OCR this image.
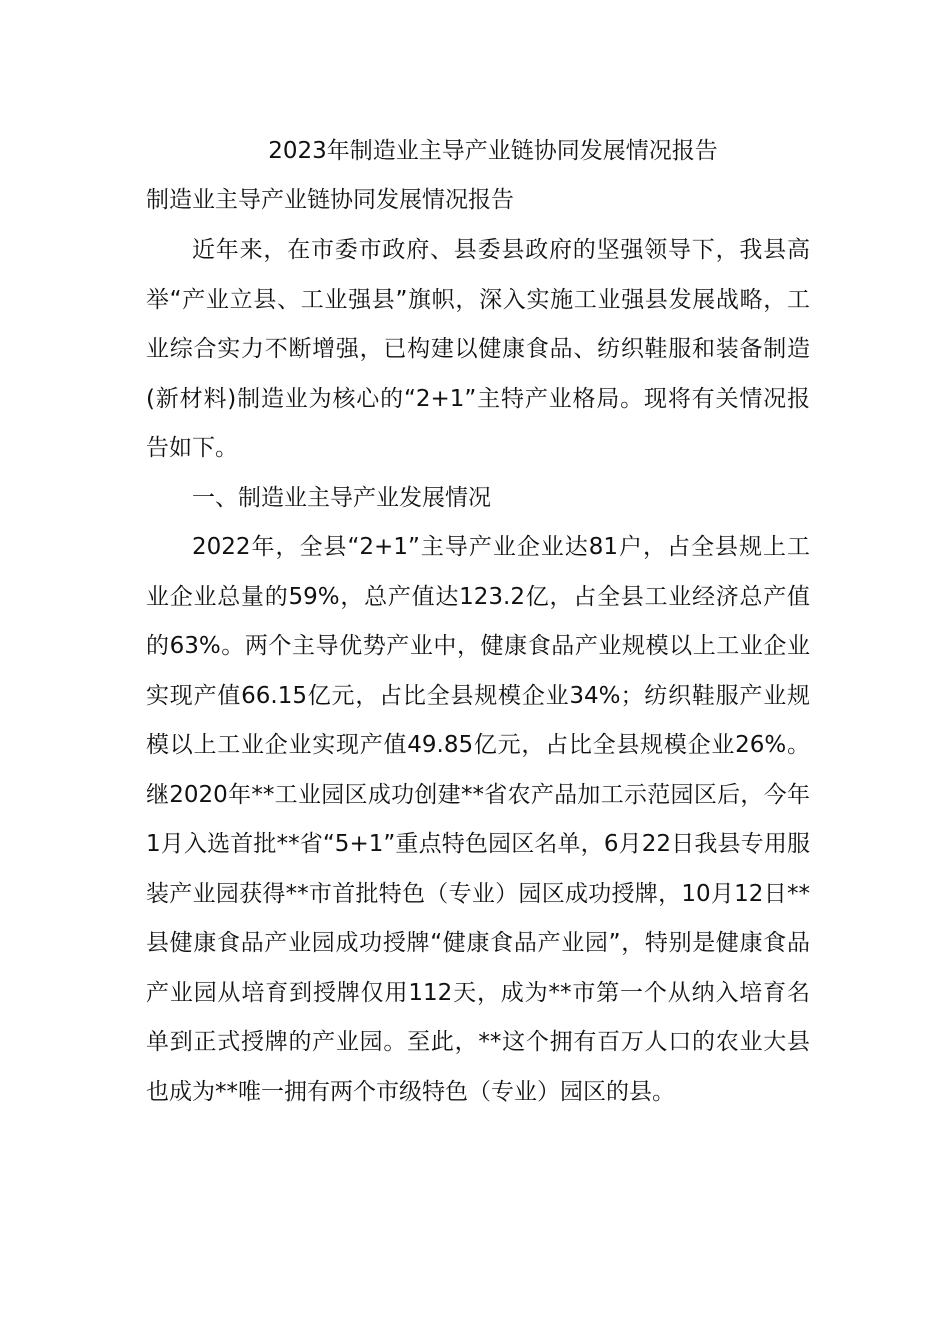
2023年制造业主导产业链协同发展情况报告

制造业主导产业链协同发展情况报告

近年来，在市委市政府、县委县政府的坚强领导下，我县高举“产业立县、工业强县”旗帜，深入实施工业强县发展战略，工业综合实力不断增强，已构建以健康食品、纺织鞋服和装备制造(新材料)制造业为核心的“2+1”主特产业格局。现将有关情况报告如下。

一、制造业主导产业发展情况

2022年，全县“2+1”主导产业企业达81户，占全县规上工业企业总量的59%，总产值达123.2亿，占全县工业经济总产值的63%。两个主导优势产业中，健康食品产业规模以上工业企业实现产值66.15亿元，占比全县规模企业34%；纺织鞋服产业规模以上工业企业实现产值49.85亿元，占比全县规模企业26%。继2020年**工业园区成功创建**省农产品加工示范园区后，今年1月入选首批**省“5+1”重点特色园区名单，6月22日我县专用服装产业园获得**市首批特色（专业）园区成功授牌，10月12日**县健康食品产业园成功授牌“健康食品产业园”，特别是健康食品产业园从培育到授牌仅用112天，成为**市第一个从纳入培育名单到正式授牌的产业园。至此，**这个拥有百万人口的农业大县也成为**唯一拥有两个市级特色（专业）园区的县。
